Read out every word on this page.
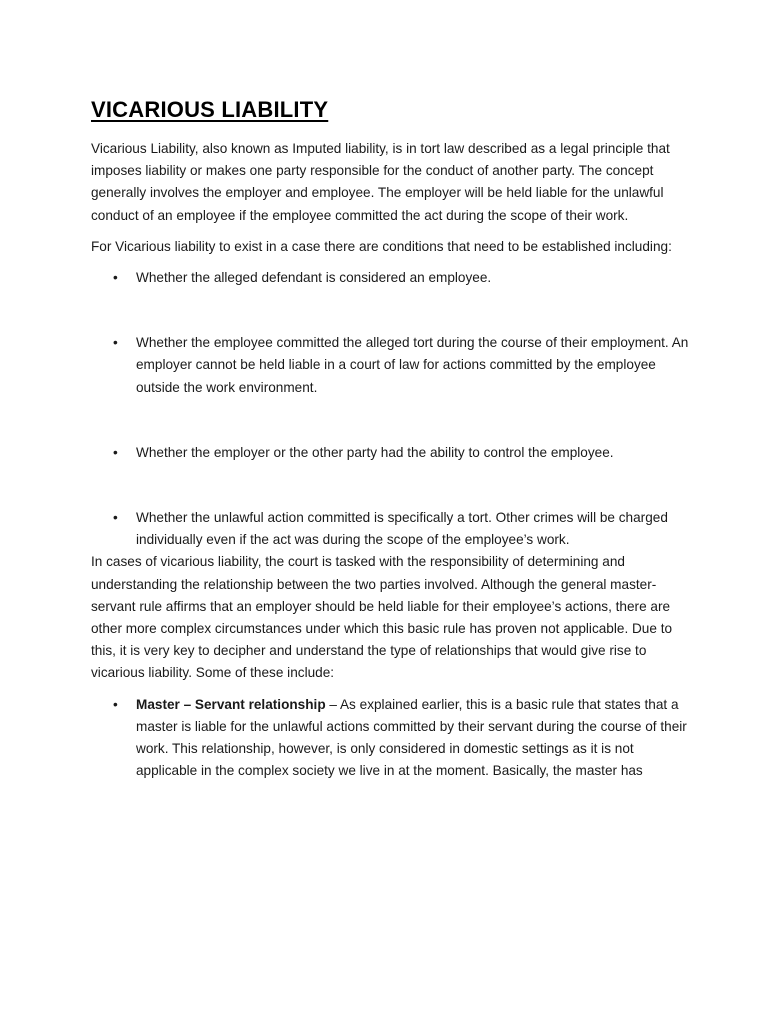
VICARIOUS LIABILITY

Vicarious Liability, also known as Imputed liability, is in tort law described as a legal principle that imposes liability or makes one party responsible for the conduct of another party. The concept generally involves the employer and employee. The employer will be held liable for the unlawful conduct of an employee if the employee committed the act during the scope of their work.

For Vicarious liability to exist in a case there are conditions that need to be established including:

• Whether the alleged defendant is considered an employee.
• Whether the employee committed the alleged tort during the course of their employment. An employer cannot be held liable in a court of law for actions committed by the employee outside the work environment.
• Whether the employer or the other party had the ability to control the employee.
• Whether the unlawful action committed is specifically a tort. Other crimes will be charged individually even if the act was during the scope of the employee’s work.

In cases of vicarious liability, the court is tasked with the responsibility of determining and understanding the relationship between the two parties involved. Although the general master-servant rule affirms that an employer should be held liable for their employee’s actions, there are other more complex circumstances under which this basic rule has proven not applicable. Due to this, it is very key to decipher and understand the type of relationships that would give rise to vicarious liability. Some of these include:

• Master – Servant relationship – As explained earlier, this is a basic rule that states that a master is liable for the unlawful actions committed by their servant during the course of their work. This relationship, however, is only considered in domestic settings as it is not applicable in the complex society we live in at the moment. Basically, the master has
